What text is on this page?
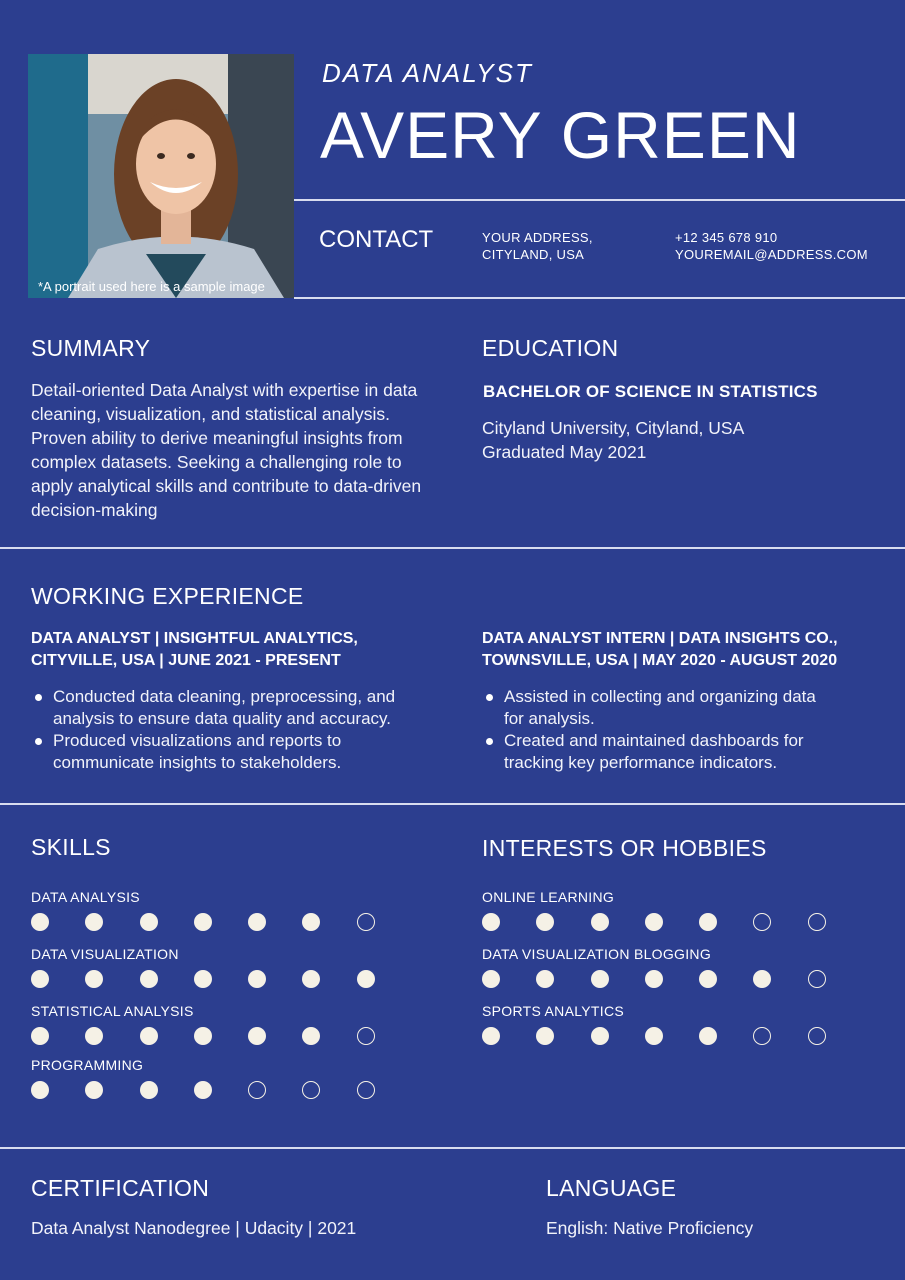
*A portrait used here is a sample image
DATA ANALYST
AVERY GREEN
CONTACT	YOUR ADDRESS,
CITYLAND, USA
+12 345 678 910
YOUREMAIL@ADDRESS.COM
SUMMARY
Detail-oriented Data Analyst with expertise in data
cleaning, visualization, and statistical analysis.
Proven ability to derive meaningful insights from
complex datasets. Seeking a challenging role to
apply analytical skills and contribute to data-driven
decision-making
EDUCATION
BACHELOR OF SCIENCE IN STATISTICS
Cityland University, Cityland, USA
Graduated May 2021
WORKING EXPERIENCE
DATA ANALYST | INSIGHTFUL ANALYTICS,
CITYVILLE, USA | JUNE 2021 - PRESENT
Conducted data cleaning, preprocessing, and
analysis to ensure data quality and accuracy.
Produced visualizations and reports to
communicate insights to stakeholders.
DATA ANALYST INTERN | DATA INSIGHTS CO.,
TOWNSVILLE, USA | MAY 2020 - AUGUST 2020
Assisted in collecting and organizing data
for analysis.
Created and maintained dashboards for
tracking key performance indicators.
SKILLS
DATA ANALYSIS
DATA VISUALIZATION
STATISTICAL ANALYSIS
PROGRAMMING
INTERESTS OR HOBBIES
ONLINE LEARNING
DATA VISUALIZATION BLOGGING
SPORTS ANALYTICS
CERTIFICATION
Data Analyst Nanodegree | Udacity | 2021
LANGUAGE
English: Native Proficiency
